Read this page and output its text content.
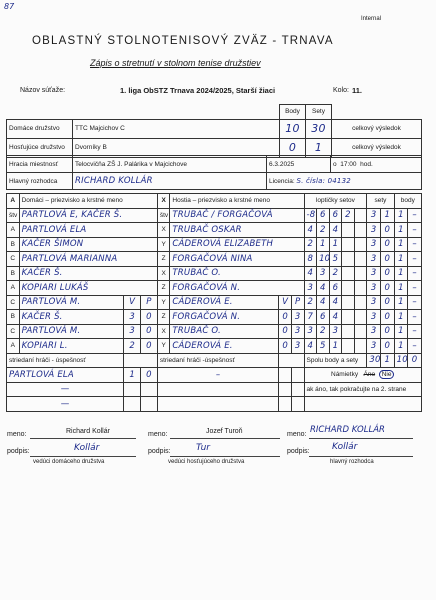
87
Internal
OBLASTNÝ STOLNOTENISOVÝ ZVÄZ - TRNAVA
Zápis o stretnutí v stolnom tenise družstiev
Názov súťaže:	1. liga ObSTZ Trnava 2024/2025, Starší žiaci	Kolo: 11.
		Body	Sety	
Domáce družstvo	TTC Majcichov C	10	30	celkový výsledok
Hosťujúce družstvo	Dvorníky B	0	1	celkový výsledok
Hracia miestnosť	Telocvičňa ZŠ J. Palárika v Majcichove	6.3.2025	o 17:00 hod.
Hlavný rozhodca	RICHARD KOLLÁR	Licencia: S. čísla: 04132	
A	Domáci – priezvisko a krstné meno			X	Hostia – priezvisko a krstné meno			loptičky setov					sety		body	
štv	PARTLOVÁ E, KAČER Š.			štv	TRUBAČ / FORGAČOVÁ			-8	6	6	2		3	1	1	–
A	PARTLOVÁ ELA			X	TRUBAČ OSKAR			4	2	4			3	0	1	–
B	KAČER ŠIMON			Y	CÁDEROVÁ ELIZABETH			2	1	1			3	0	1	–
C	PARTLOVÁ MARIANNA			Z	FORGAČOVÁ NINA			8	10	5			3	0	1	–
B	KAČER Š.			X	TRUBAČ O.			4	3	2			3	0	1	–
A	KOPIARI LUKÁŠ			Z	FORGAČOVÁ N.			3	4	6			3	0	1	–
C	PARTLOVÁ M.	V	P	Y	CÁDEROVÁ E.	V	P	2	4	4			3	0	1	–
B	KAČER Š.	3	0	Z	FORGAČOVÁ N.	0	3	7	6	4			3	0	1	–
C	PARTLOVÁ M.	3	0	X	TRUBAČ O.	0	3	3	2	3			3	0	1	–
A	KOPIARI L.	2	0	Y	CÁDEROVÁ E.	0	3	4	5	1			3	0	1	–
striedaní hráči - úspešnosť				striedaní hráči -úspešnosť				Spolu body a sety					30	1	10	0
PARTLOVÁ ELA		1	0	–				Námietky Áno Nie								
—								ak áno, tak pokračujte na 2. strane								
—																
meno:	Richard Kollár
podpis:	Kollár
vedúci domáceho družstva
meno:	Jozef Turoň
podpis:	Tur
vedúci hosťujúceho družstva
meno: RICHARD KOLLÁR
podpis: Kollár
hlavný rozhodca
